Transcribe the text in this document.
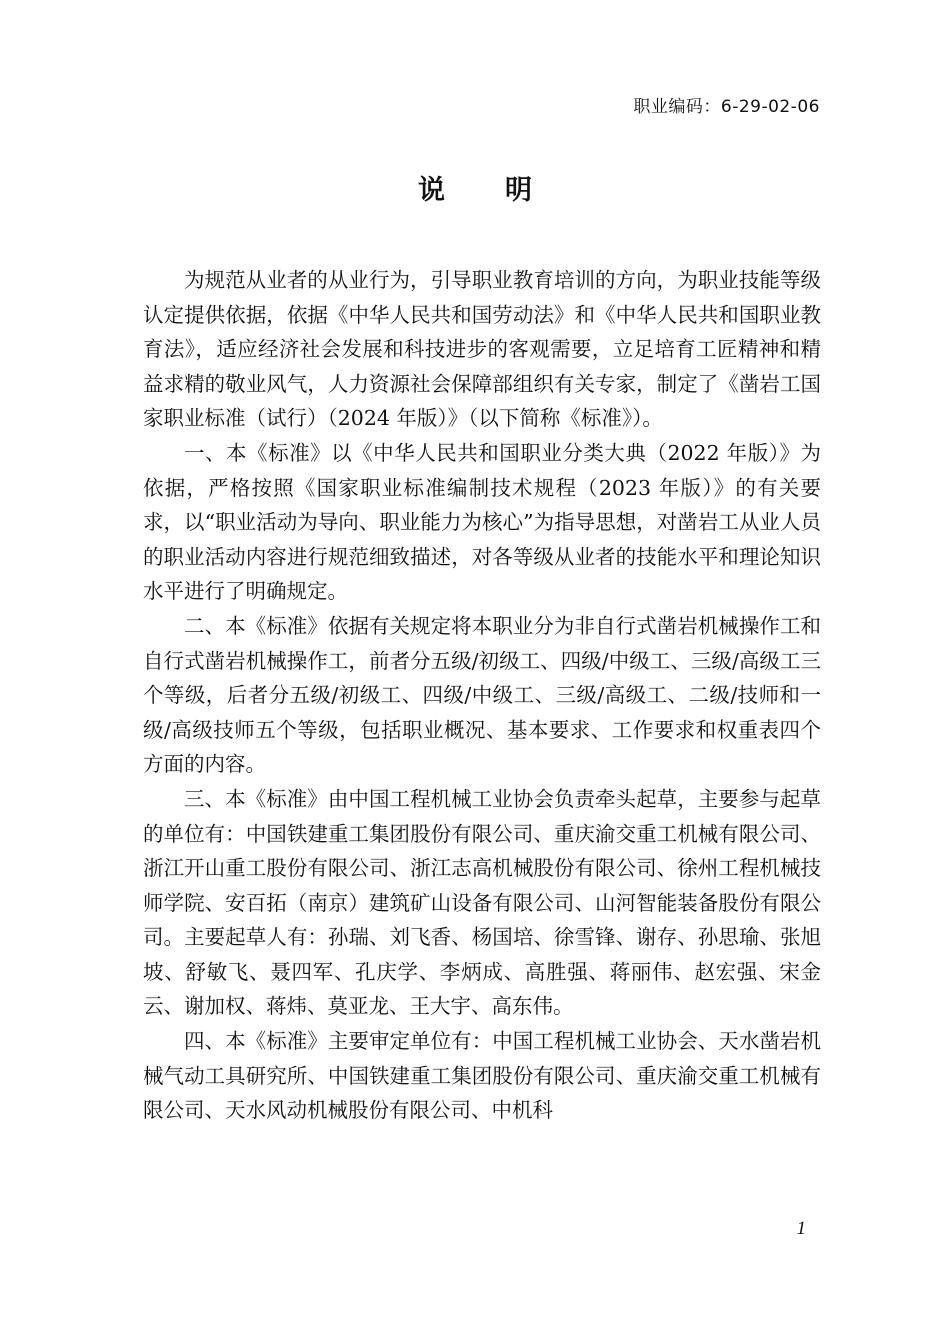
职业编码：6-29-02-06

说明

为规范从业者的从业行为，引导职业教育培训的方向，为职业技能等级认定提供依据，依据《中华人民共和国劳动法》和《中华人民共和国职业教育法》，适应经济社会发展和科技进步的客观需要，立足培育工匠精神和精益求精的敬业风气，人力资源社会保障部组织有关专家，制定了《凿岩工国家职业标准（试行）（2024 年版）》（以下简称《标准》）。

一、本《标准》以《中华人民共和国职业分类大典（2022 年版）》为依据，严格按照《国家职业标准编制技术规程（2023 年版）》的有关要求，以“职业活动为导向、职业能力为核心”为指导思想，对凿岩工从业人员的职业活动内容进行规范细致描述，对各等级从业者的技能水平和理论知识水平进行了明确规定。

二、本《标准》依据有关规定将本职业分为非自行式凿岩机械操作工和自行式凿岩机械操作工，前者分五级/初级工、四级/中级工、三级/高级工三个等级，后者分五级/初级工、四级/中级工、三级/高级工、二级/技师和一级/高级技师五个等级，包括职业概况、基本要求、工作要求和权重表四个方面的内容。

三、本《标准》由中国工程机械工业协会负责牵头起草，主要参与起草的单位有：中国铁建重工集团股份有限公司、重庆渝交重工机械有限公司、浙江开山重工股份有限公司、浙江志高机械股份有限公司、徐州工程机械技师学院、安百拓（南京）建筑矿山设备有限公司、山河智能装备股份有限公司。主要起草人有：孙瑞、刘飞香、杨国培、徐雪锋、谢存、孙思瑜、张旭坡、舒敏飞、聂四军、孔庆学、李炳成、高胜强、蒋丽伟、赵宏强、宋金云、谢加权、蒋炜、莫亚龙、王大宇、高东伟。

四、本《标准》主要审定单位有：中国工程机械工业协会、天水凿岩机械气动工具研究所、中国铁建重工集团股份有限公司、重庆渝交重工机械有限公司、天水风动机械股份有限公司、中机科

1
